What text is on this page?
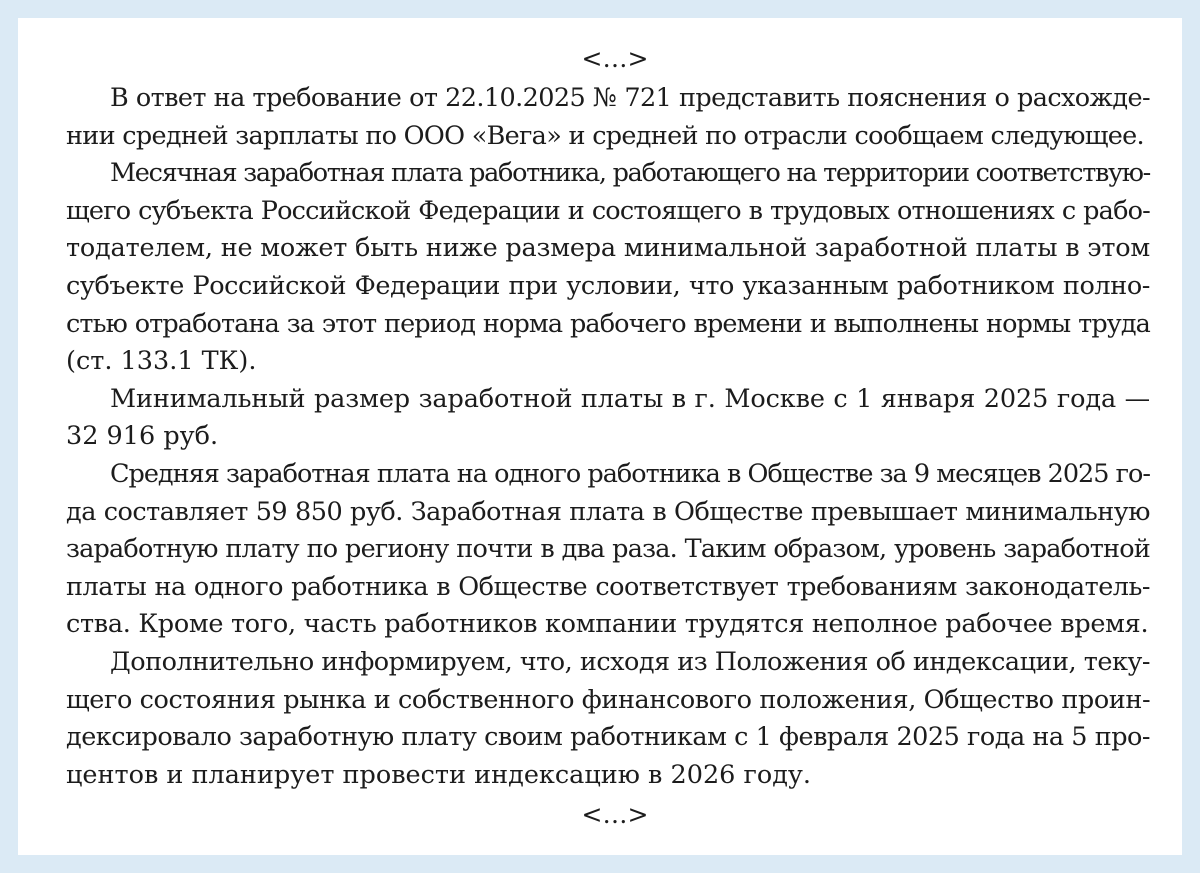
<…>

В ответ на требование от 22.10.2025 № 721 представить пояснения о расхожде-
нии средней зарплаты по ООО «Вега» и средней по отрасли сообщаем следующее.
Месячная заработная плата работника, работающего на территории соответствую-
щего субъекта Российской Федерации и состоящего в трудовых отношениях с рабо-
тодателем, не может быть ниже размера минимальной заработной платы в этом
субъекте Российской Федерации при условии, что указанным работником полно-
стью отработана за этот период норма рабочего времени и выполнены нормы труда
(ст. 133.1 ТК).
Минимальный размер заработной платы в г. Москве с 1 января 2025 года —
32 916 руб.
Средняя заработная плата на одного работника в Обществе за 9 месяцев 2025 го-
да составляет 59 850 руб. Заработная плата в Обществе превышает минимальную
заработную плату по региону почти в два раза. Таким образом, уровень заработной
платы на одного работника в Обществе соответствует требованиям законодатель-
ства. Кроме того, часть работников компании трудятся неполное рабочее время.
Дополнительно информируем, что, исходя из Положения об индексации, теку-
щего состояния рынка и собственного финансового положения, Общество проин-
дексировало заработную плату своим работникам с 1 февраля 2025 года на 5 про-
центов и планирует провести индексацию в 2026 году.

<…>
